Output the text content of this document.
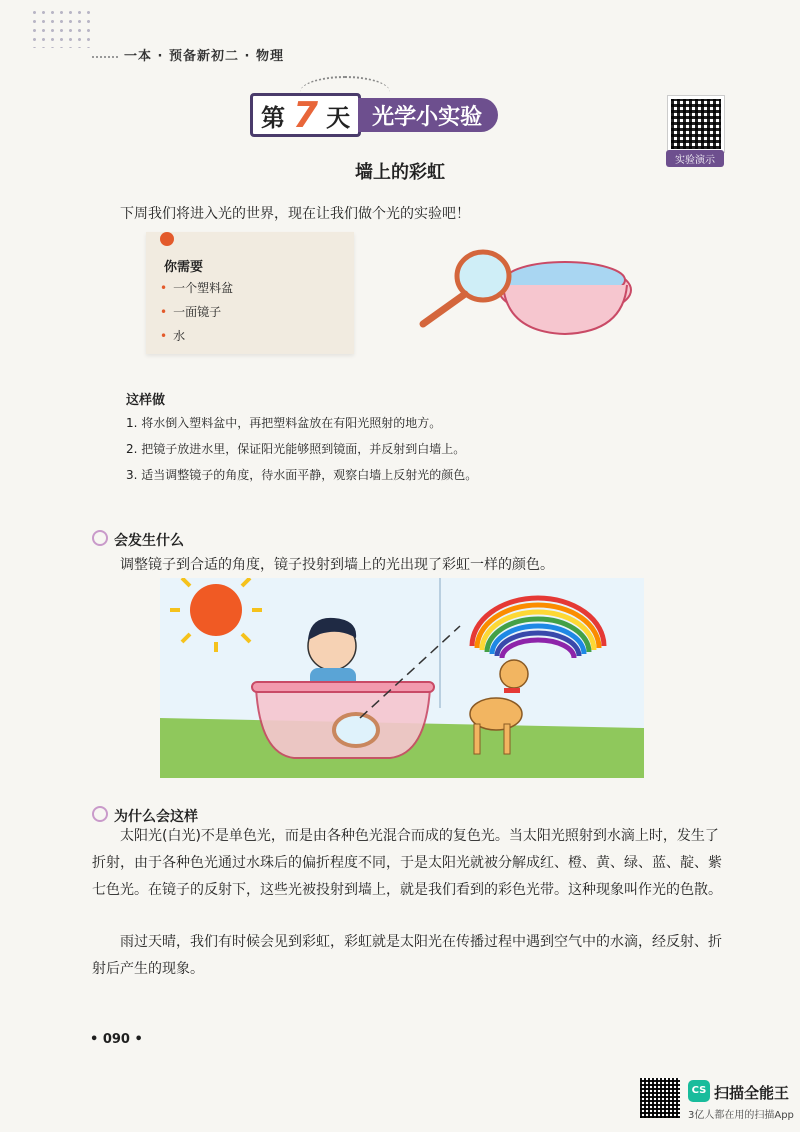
一本 · 预备新初二 · 物理
第 7 天	光学小实验
实验演示
墙上的彩虹
下周我们将进入光的世界，现在让我们做个光的实验吧！
你需要
• 一个塑料盆
• 一面镜子
• 水
这样做
1. 将水倒入塑料盆中，再把塑料盆放在有阳光照射的地方。
2. 把镜子放进水里，保证阳光能够照到镜面，并反射到白墙上。
3. 适当调整镜子的角度，待水面平静，观察白墙上反射光的颜色。
会发生什么
调整镜子到合适的角度，镜子投射到墙上的光出现了彩虹一样的颜色。
为什么会这样
太阳光(白光)不是单色光，而是由各种色光混合而成的复色光。当太阳光照射到水滴上时，发生了折射，由于各种色光通过水珠后的偏折程度不同，于是太阳光就被分解成红、橙、黄、绿、蓝、靛、紫七色光。在镜子的反射下，这些光被投射到墙上，就是我们看到的彩色光带。这种现象叫作光的色散。
雨过天晴，我们有时候会见到彩虹，彩虹就是太阳光在传播过程中遇到空气中的水滴，经反射、折射后产生的现象。
• 090 •
CS 扫描全能王
3亿人都在用的扫描App
